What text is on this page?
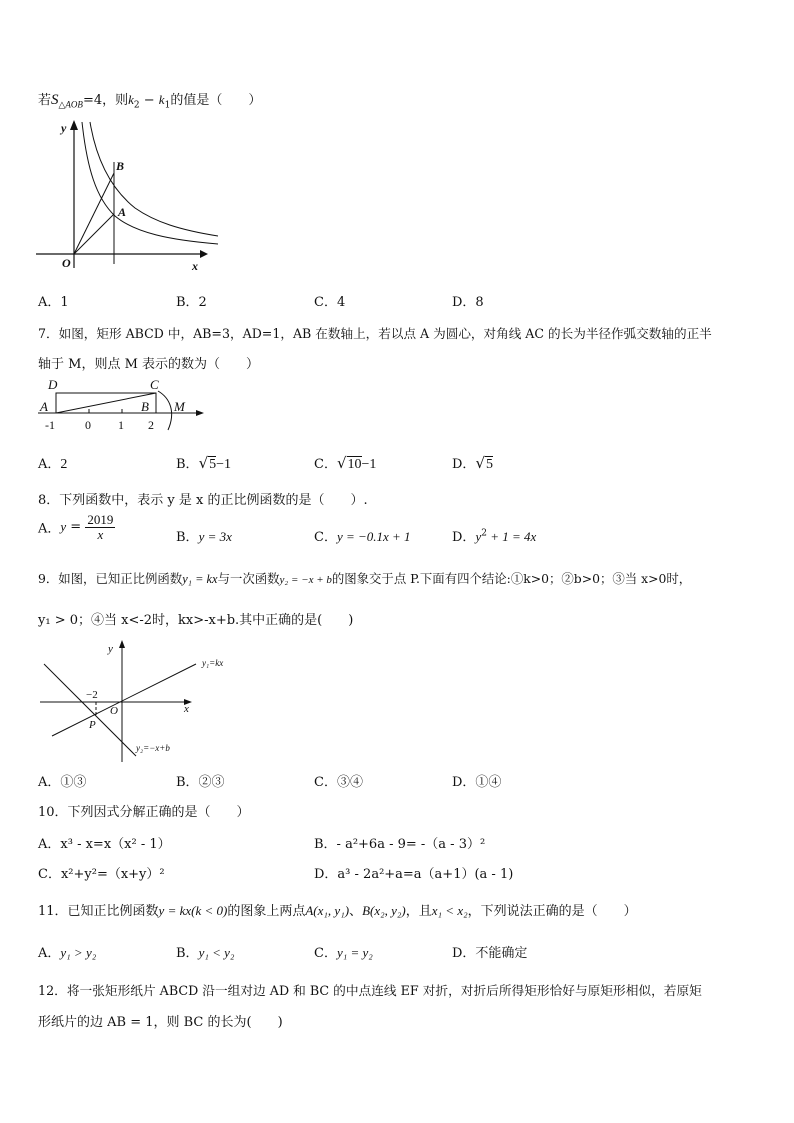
若$S_{\triangle AOB}=4$，则$k_2 - k_1$的值是（　　）
y
x
O
B
A
A．1	B．2	C．4	D．8
7．如图，矩形 ABCD 中，AB=3，AD=1，AB 在数轴上，若以点 A 为圆心，对角线 AC 的长为半径作弧交数轴的正半
轴于 M，则点 M 表示的数为（　　）
D	C
A	B M
-1	0 1 2
A．2	B．√5−1	C．√10−1	D．√5
8．下列函数中，表示 y 是 x 的正比例函数的是（　　）.
A．$y = \frac{2019}{x}$	B．y = 3x	C．y = −0.1x + 1	D．$y^2 + 1 = 4x$
9．如图，已知正比例函数y₁ = kx与一次函数y₂ = −x + b的图象交于点 P.下面有四个结论:①k>0；②b>0；③当 x>0时，
y₁ > 0；④当 x<-2时，kx>-x+b.其中正确的是(　　)
y
x
O
P
−2
y₁=kx
y₂=−x+b
A．①③	B．②③	C．③④	D．①④
10．下列因式分解正确的是（　　）
A．x³ - x=x（x² - 1）	B．- a²+6a - 9= -（a - 3）²
C．x²+y²=（x+y）²	D．a³ - 2a²+a=a（a+1）(a - 1)
11．已知正比例函数y = kx(k < 0)的图象上两点A(x₁, y₁)、B(x₂, y₂)，且x₁ < x₂，下列说法正确的是（　　）
A．y₁ > y₂	B．y₁ < y₂	C．y₁ = y₂	D．不能确定
12．将一张矩形纸片 ABCD 沿一组对边 AD 和 BC 的中点连线 EF 对折，对折后所得矩形恰好与原矩形相似，若原矩
形纸片的边 AB = 1，则 BC 的长为(　　)
